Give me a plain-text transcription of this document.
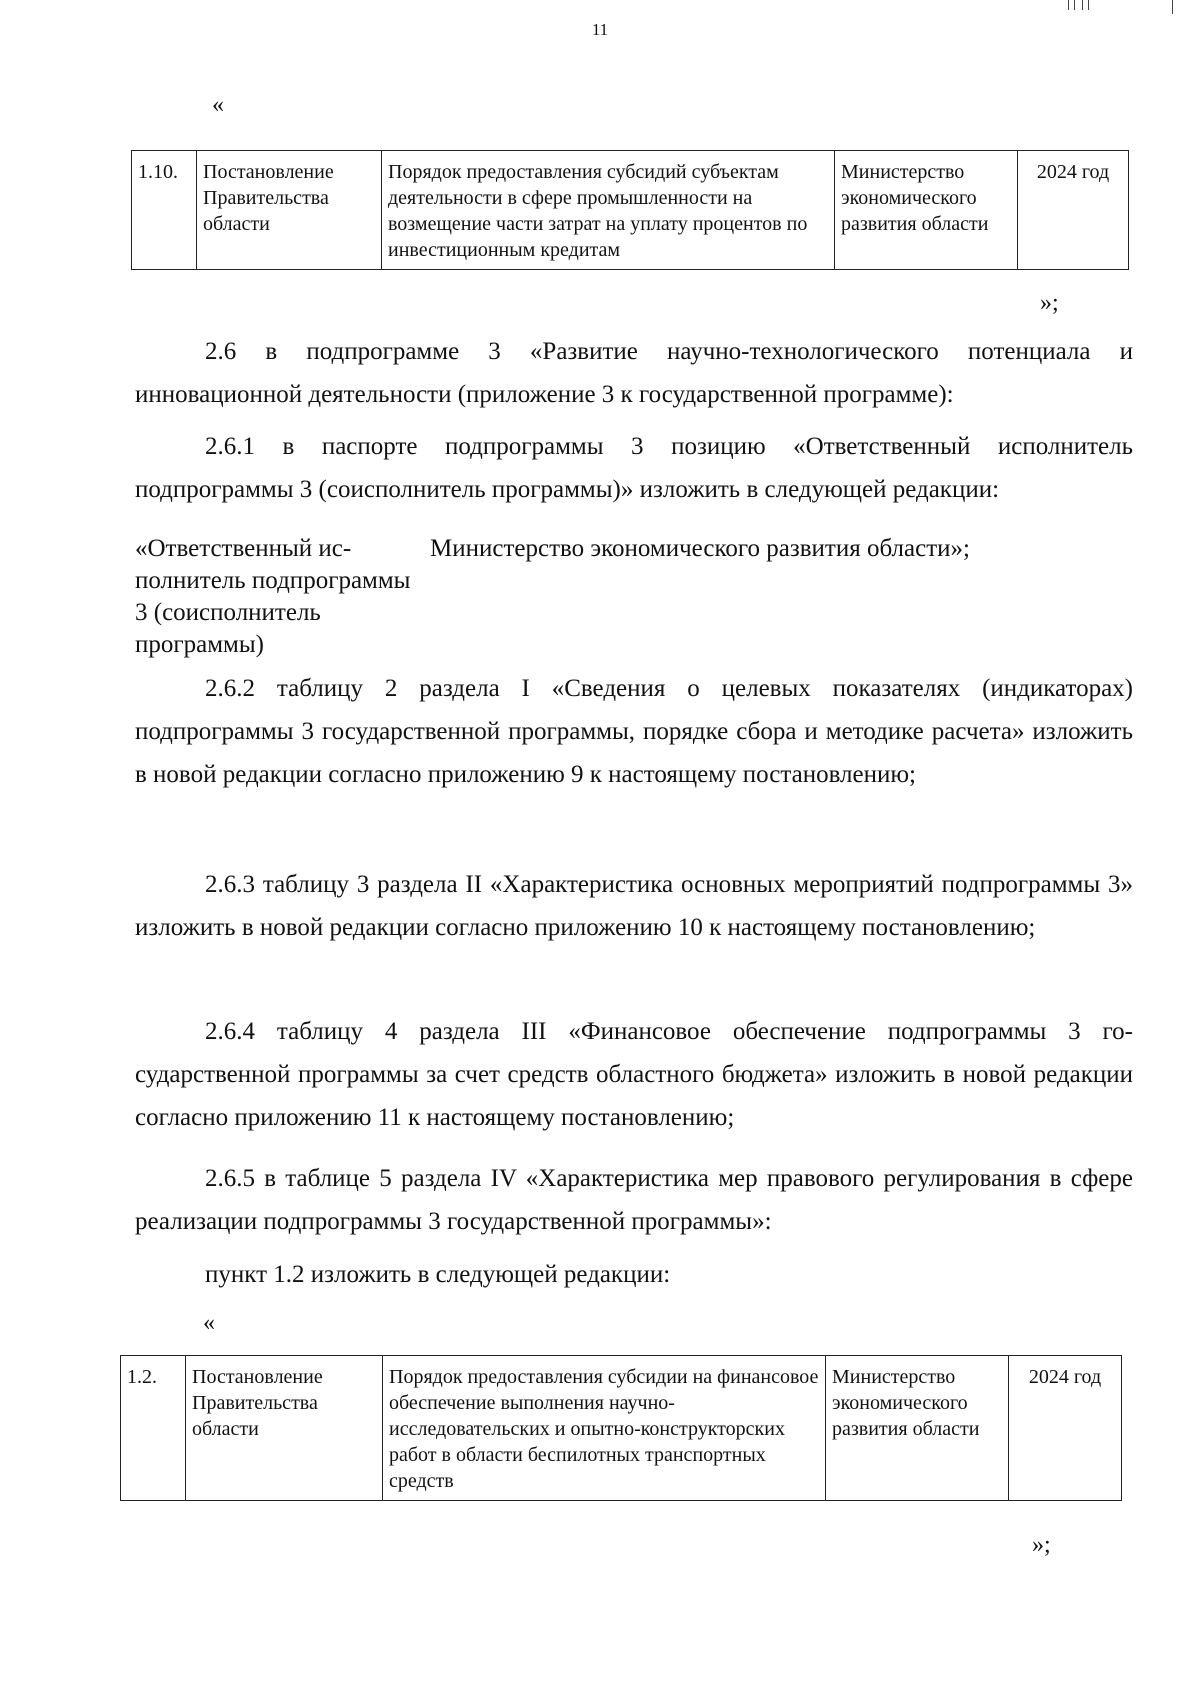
11
«
1.10.	Постановление Правительства области	Порядок предоставления субсидий субъектам деятельности в сфере промышленности на возмещение части затрат на уплату процентов по инвестиционным кредитам	Министерство экономического развития области	2024 год
»;

2.6 в подпрограмме 3 «Развитие научно-технологического потенциала и инновационной деятельности (приложение 3 к государственной программе):

2.6.1 в паспорте подпрограммы 3 позицию «Ответственный исполнитель подпрограммы 3 (соисполнитель программы)» изложить в следующей редакции:

«Ответственный исполнитель подпрограммы 3 (соисполнитель программы)
Министерство экономического развития области»;

2.6.2 таблицу 2 раздела I «Сведения о целевых показателях (индикаторах) подпрограммы 3 государственной программы, порядке сбора и методике расчета» изложить в новой редакции согласно приложению 9 к настоящему постановлению;

2.6.3 таблицу 3 раздела II «Характеристика основных мероприятий подпрограммы 3» изложить в новой редакции согласно приложению 10 к настоящему постановлению;

2.6.4 таблицу 4 раздела III «Финансовое обеспечение подпрограммы 3 государственной программы за счет средств областного бюджета» изложить в новой редакции согласно приложению 11 к настоящему постановлению;

2.6.5 в таблице 5 раздела IV «Характеристика мер правового регулирования в сфере реализации подпрограммы 3 государственной программы»:

пункт 1.2 изложить в следующей редакции:

«
1.2.	Постановление Правительства области	Порядок предоставления субсидии на финансовое обеспечение выполнения научно-исследовательских и опытно-конструкторских работ в области беспилотных транспортных средств	Министерство экономического развития области	2024 год
»;
